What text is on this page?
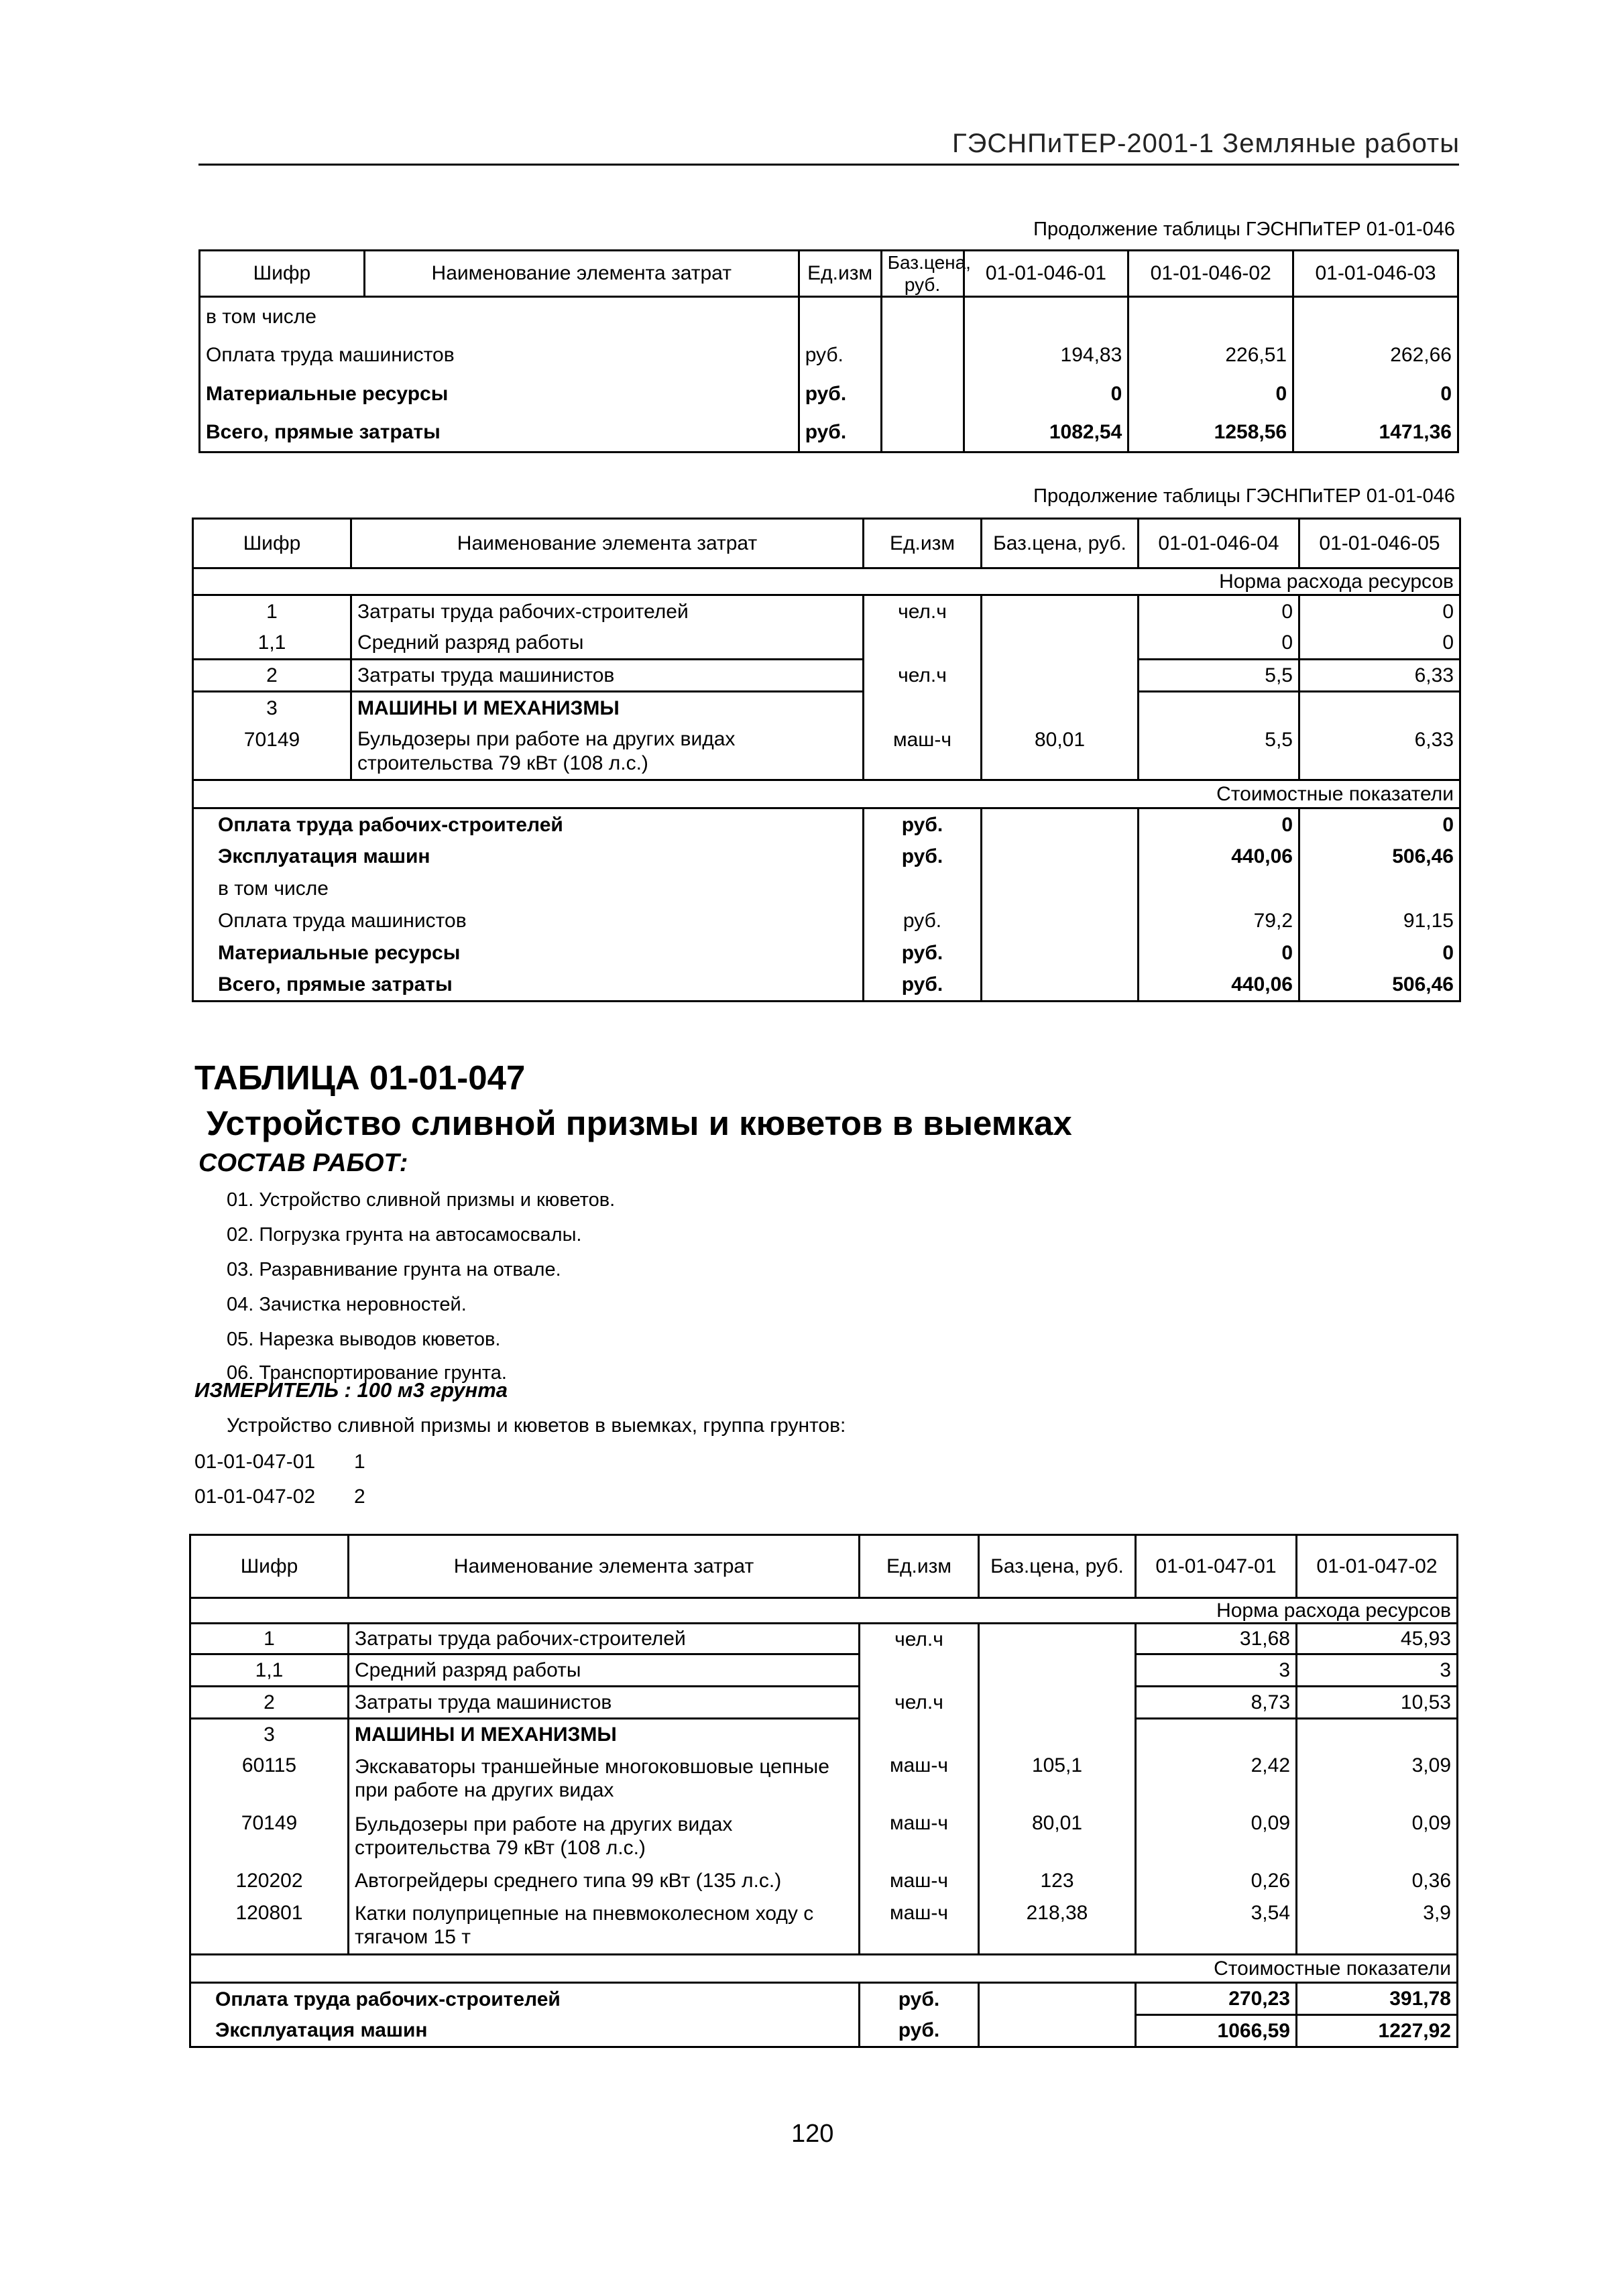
ГЭСНПиТЕР-2001-1 Земляные работы
Продолжение таблицы ГЭСНПиТЕР 01-01-046
Шифр	Наименование элемента затрат	Ед.изм	Баз.цена, руб.	01-01-046-01	01-01-046-02	01-01-046-03
в том числе						
Оплата труда машинистов		руб.		194,83	226,51	262,66
Материальные ресурсы		руб.		0	0	0
Всего, прямые затраты		руб.		1082,54	1258,56	1471,36
Продолжение таблицы ГЭСНПиТЕР 01-01-046
Шифр	Наименование элемента затрат	Ед.изм	Баз.цена, руб.	01-01-046-04	01-01-046-05
Норма расхода ресурсов					
1	Затраты труда рабочих-строителей	чел.ч		0	0
1,1	Средний разряд работы			0	0
2	Затраты труда машинистов	чел.ч		5,5	6,33
3	МАШИНЫ И МЕХАНИЗМЫ				
70149	Бульдозеры при работе на других видах строительства 79 кВт (108 л.с.)	маш-ч	80,01	5,5	6,33
Стоимостные показатели					
Оплата труда рабочих-строителей		руб.		0	0
Эксплуатация машин		руб.		440,06	506,46
в том числе					
Оплата труда машинистов		руб.		79,2	91,15
Материальные ресурсы		руб.		0	0
Всего, прямые затраты		руб.		440,06	506,46
ТАБЛИЦА 01-01-047
Устройство сливной призмы и кюветов в выемках
СОСТАВ РАБОТ:
01. Устройство сливной призмы и кюветов.
02. Погрузка грунта на автосамосвалы.
03. Разравнивание грунта на отвале.
04. Зачистка неровностей.
05. Нарезка выводов кюветов.
06. Транспортирование грунта.
ИЗМЕРИТЕЛЬ : 100 м3 грунта
Устройство сливной призмы и кюветов в выемках, группа грунтов:
01-01-047-01 1
01-01-047-02 2
Шифр	Наименование элемента затрат	Ед.изм	Баз.цена, руб.	01-01-047-01	01-01-047-02
Норма расхода ресурсов					
1	Затраты труда рабочих-строителей	чел.ч		31,68	45,93
1,1	Средний разряд работы			3	3
2	Затраты труда машинистов	чел.ч		8,73	10,53
3	МАШИНЫ И МЕХАНИЗМЫ				
60115	Экскаваторы траншейные многоковшовые цепные при работе на других видах	маш-ч	105,1	2,42	3,09
70149	Бульдозеры при работе на других видах строительства 79 кВт (108 л.с.)	маш-ч	80,01	0,09	0,09
120202	Автогрейдеры среднего типа 99 кВт (135 л.с.)	маш-ч	123	0,26	0,36
120801	Катки полуприцепные на пневмоколесном ходу с тягачом 15 т	маш-ч	218,38	3,54	3,9
Стоимостные показатели					
Оплата труда рабочих-строителей		руб.		270,23	391,78
Эксплуатация машин		руб.		1066,59	1227,92
120
